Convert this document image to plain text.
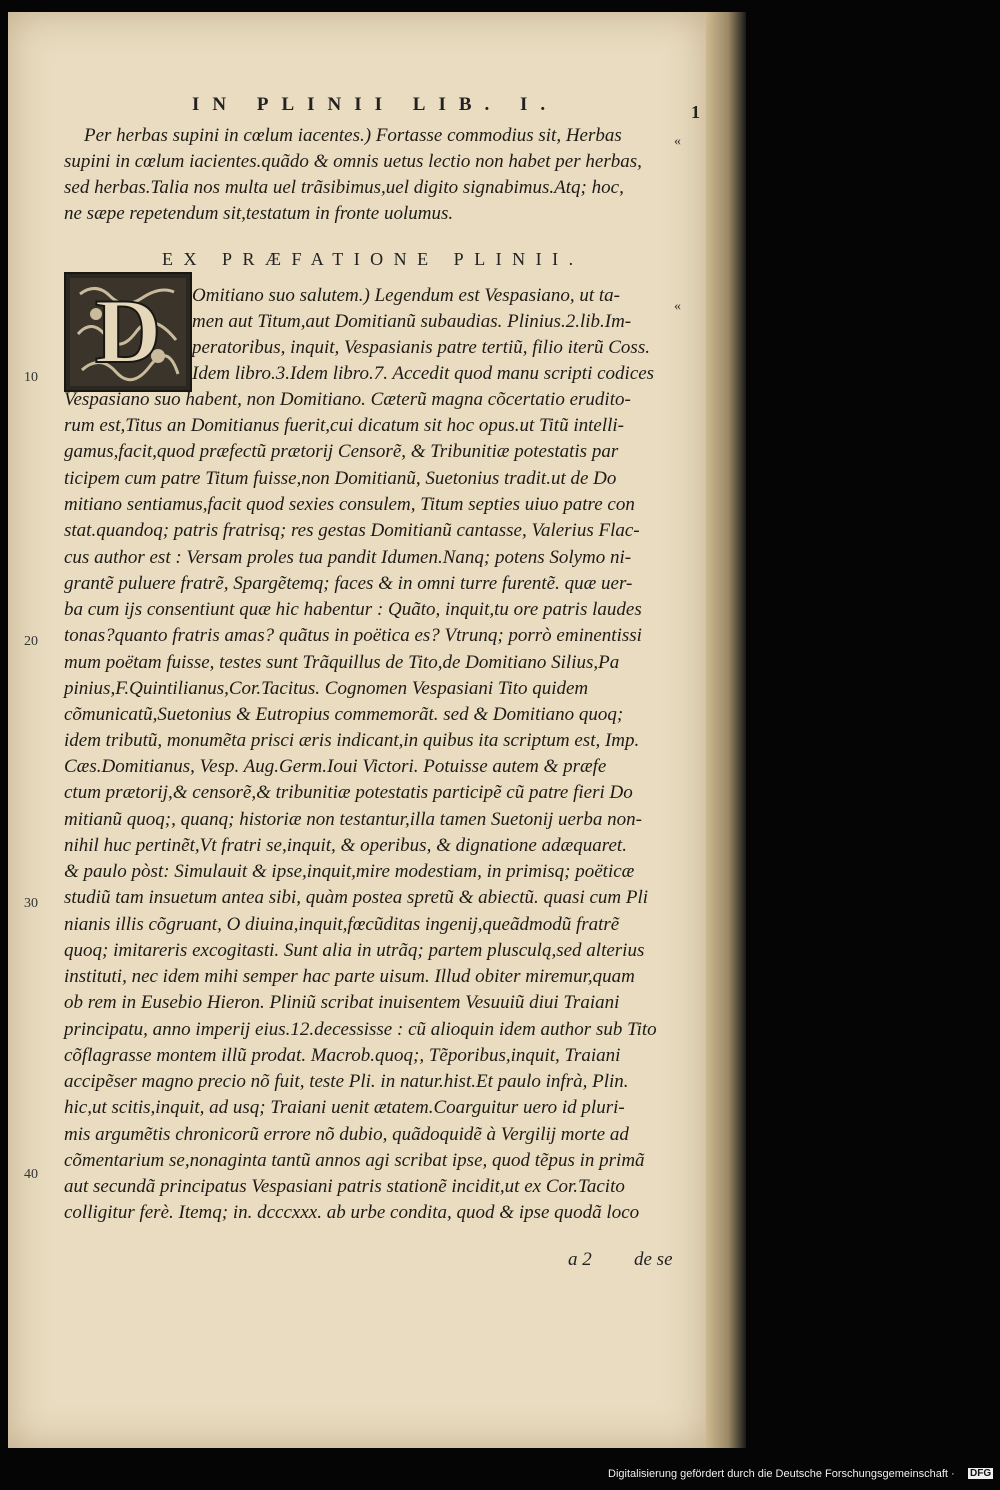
IN PLINII LIB. I.	1
«
«
10
20
30
40
Per herbas supini in cœlum iacentes.) Fortasse commodius sit, Herbas
supini in cœlum iacientes.quãdo & omnis uetus lectio non habet per herbas,
sed herbas.Talia nos multa uel trãsibimus,uel digito signabimus.Atq; hoc,
ne sæpe repetendum sit,testatum in fronte uolumus.
EX PRÆFATIONE PLINII.
D Omitiano suo salutem.) Legendum est Vespasiano, ut ta-
men aut Titum,aut Domitianũ subaudias. Plinius.2.lib.Im-
peratoribus, inquit, Vespasianis patre tertiũ, filio iterũ Coss.
Idem libro.3.Idem libro.7. Accedit quod manu scripti codices
Vespasiano suo habent, non Domitiano. Cæterũ magna cõcertatio erudito-
rum est,Titus an Domitianus fuerit,cui dicatum sit hoc opus.ut Titũ intelli-
gamus,facit,quod præfectũ prætorij Censorẽ, & Tribunitiæ potestatis par
ticipem cum patre Titum fuisse,non Domitianũ, Suetonius tradit.ut de Do
mitiano sentiamus,facit quod sexies consulem, Titum septies uiuo patre con
stat.quandoq; patris fratrisq; res gestas Domitianũ cantasse, Valerius Flac-
cus author est : Versam proles tua pandit Idumen.Nanq; potens Solymo ni-
grantẽ puluere fratrẽ, Spargẽtemq; faces & in omni turre furentẽ. quæ uer-
ba cum ijs consentiunt quæ hic habentur : Quãto, inquit,tu ore patris laudes
tonas?quanto fratris amas? quãtus in poëtica es? Vtrunq; porrò eminentissi
mum poëtam fuisse, testes sunt Trãquillus de Tito,de Domitiano Silius,Pa
pinius,F.Quintilianus,Cor.Tacitus. Cognomen Vespasiani Tito quidem
cõmunicatũ,Suetonius & Eutropius commemorãt. sed & Domitiano quoq;
idem tributũ, monumẽta prisci æris indicant,in quibus ita scriptum est, Imp.
Cæs.Domitianus, Vesp. Aug.Germ.Ioui Victori. Potuisse autem & præfe
ctum prætorij,& censorẽ,& tribunitiæ potestatis participẽ cũ patre fieri Do
mitianũ quoq;, quanq; historiæ non testantur,illa tamen Suetonij uerba non-
nihil huc pertinẽt,Vt fratri se,inquit, & operibus, & dignatione adæquaret.
& paulo pòst: Simulauit & ipse,inquit,mire modestiam, in primisq; poëticæ
studiũ tam insuetum antea sibi, quàm postea spretũ & abiectũ. quasi cum Pli
nianis illis cõgruant, O diuina,inquit,fœcũditas ingenij,queãdmodũ fratrẽ
quoq; imitareris excogitasti. Sunt alia in utrãq; partem plusculą,sed alterius
instituti, nec idem mihi semper hac parte uisum. Illud obiter miremur,quam
ob rem in Eusebio Hieron. Pliniũ scribat inuisentem Vesuuiũ diui Traiani
principatu, anno imperij eius.12.decessisse : cũ alioquin idem author sub Tito
cõflagrasse montem illũ prodat. Macrob.quoq;, Tẽporibus,inquit, Traiani
accipẽser magno precio nõ fuit, teste Pli. in natur.hist.Et paulo infrà, Plin.
hic,ut scitis,inquit, ad usq; Traiani uenit ætatem.Coarguitur uero id pluri-
mis argumẽtis chronicorũ errore nõ dubio, quãdoquidẽ à Vergilij morte ad
cõmentarium se,nonaginta tantũ annos agi scribat ipse, quod tẽpus in primã
aut secundã principatus Vespasiani patris stationẽ incidit,ut ex Cor.Tacito
colligitur ferè. Itemq; in. dcccxxx. ab urbe condita, quod & ipse quodã loco
a 2 de se
Digitalisierung gefördert durch die Deutsche Forschungsgemeinschaft · DFG
